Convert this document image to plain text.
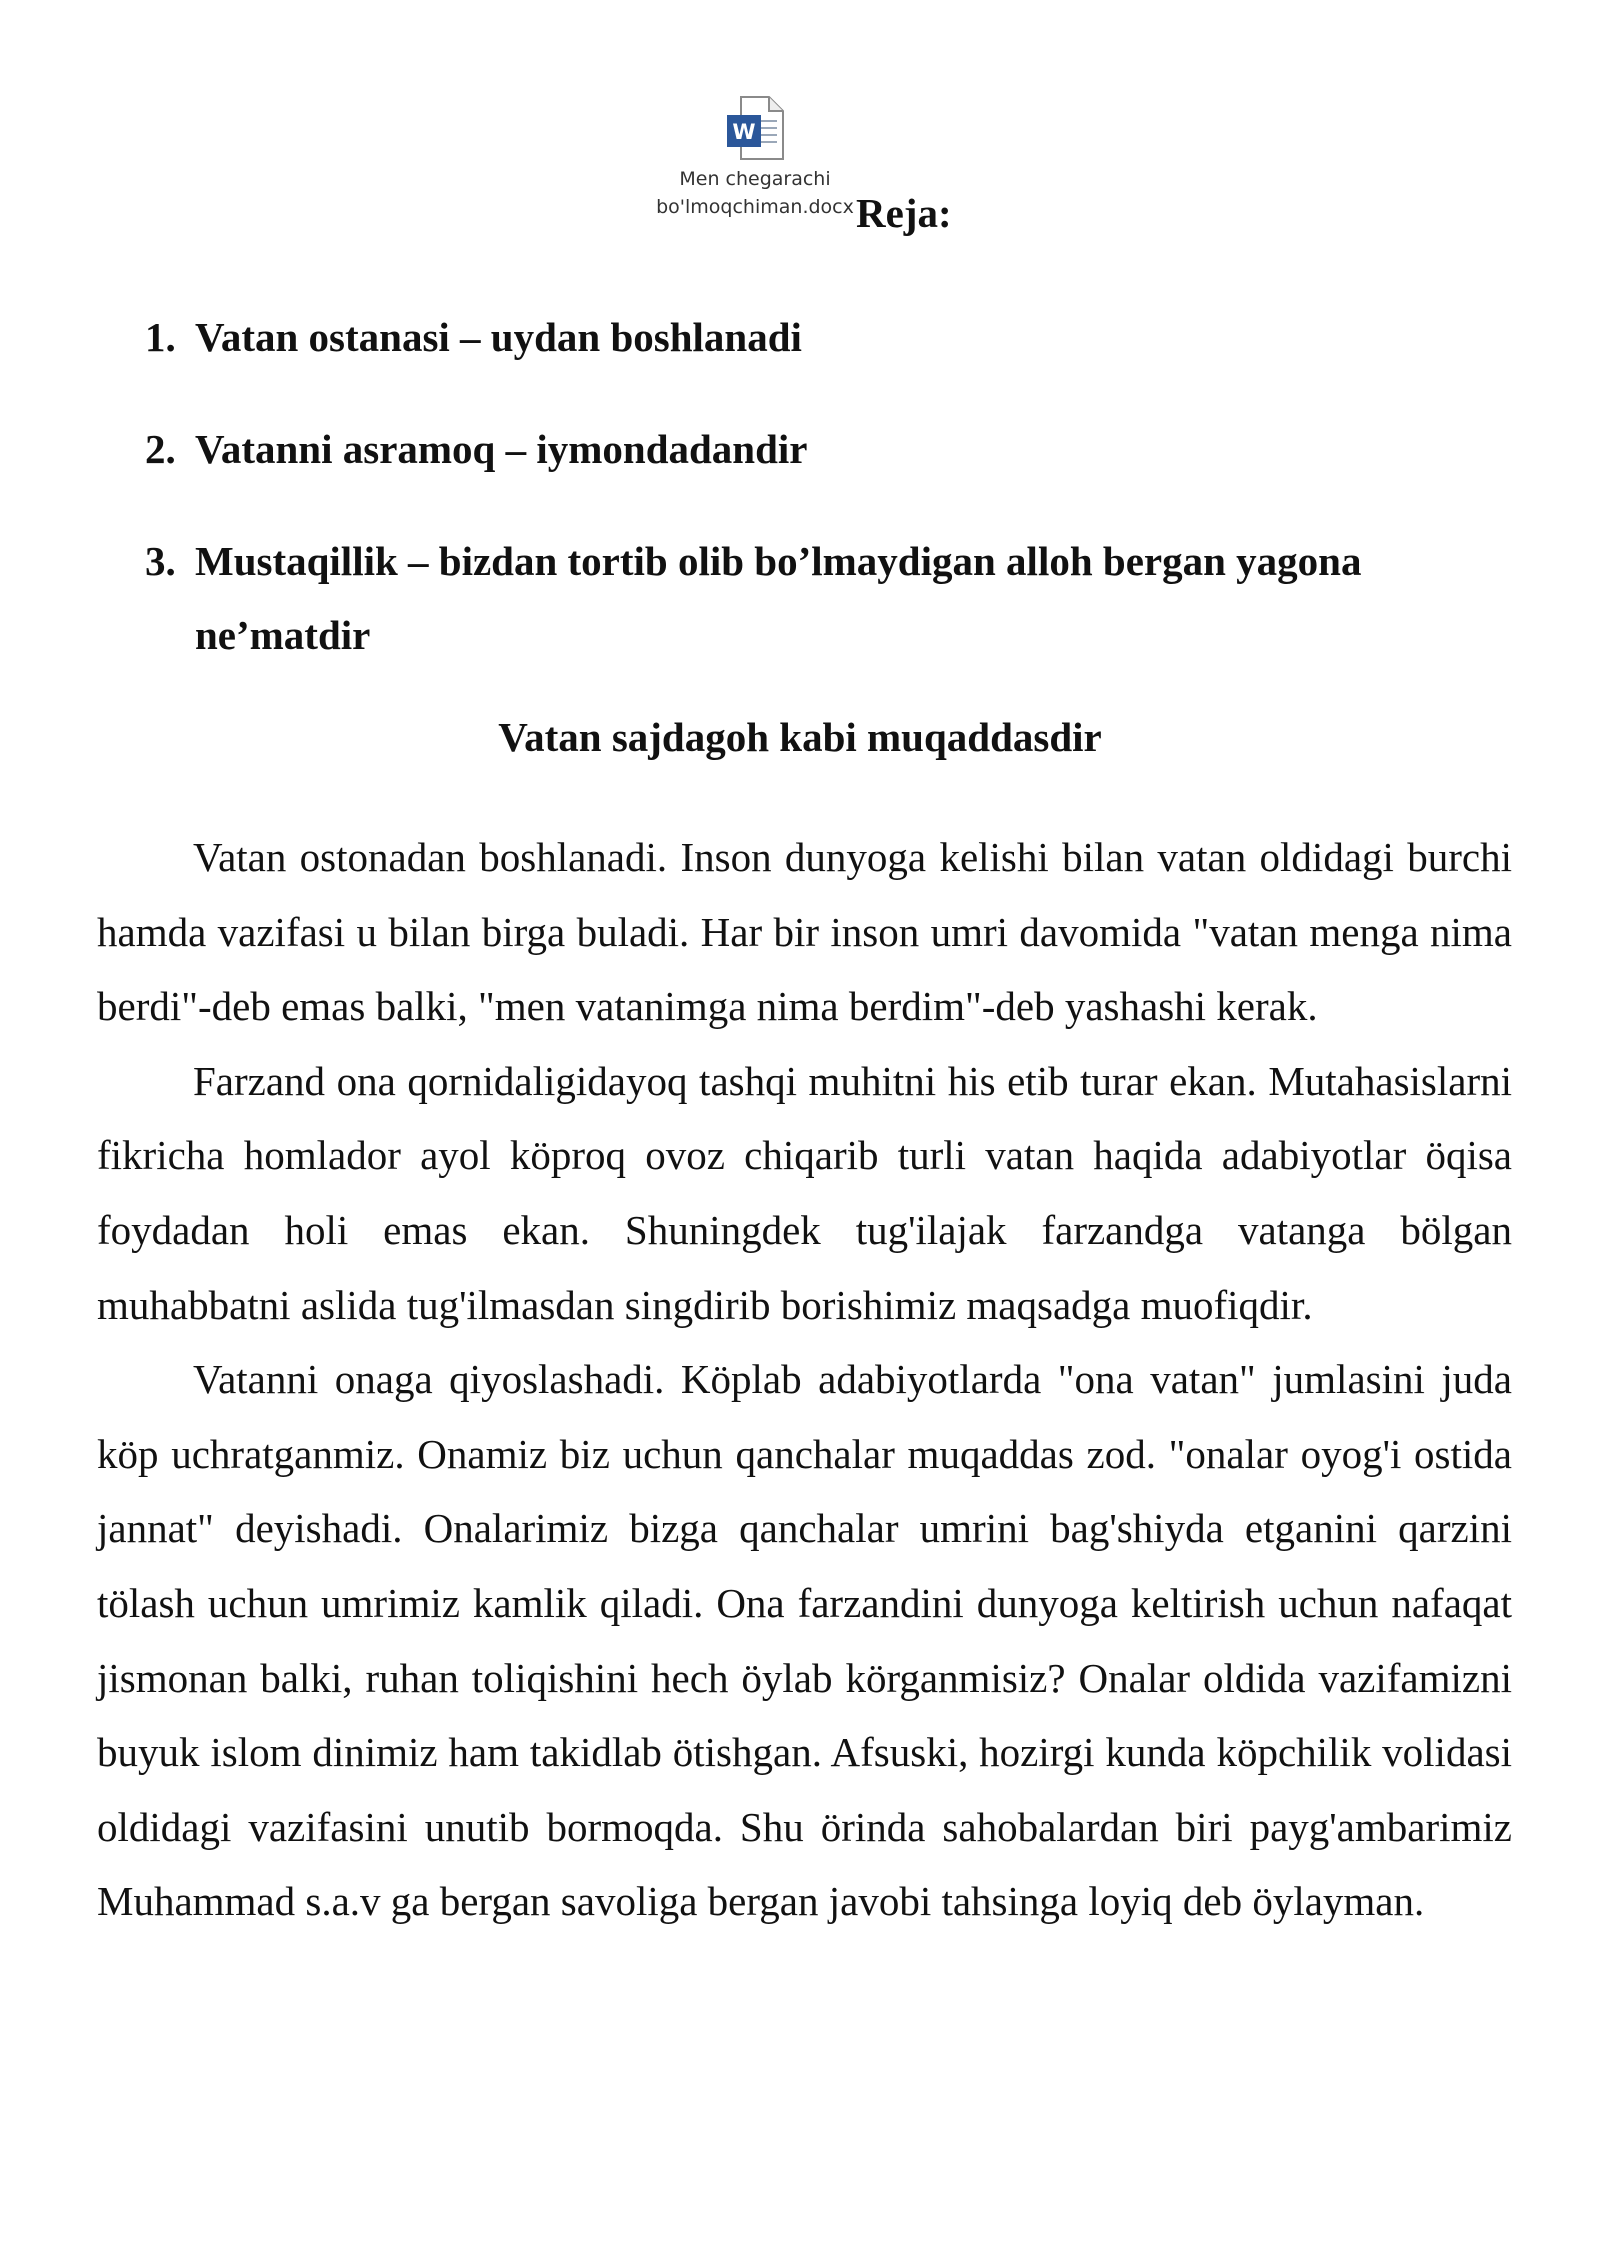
W
Men chegarachi
bo'lmoqchiman.docx Reja:
1. Vatan ostanasi – uydan boshlanadi
2. Vatanni asramoq – iymondadandir
3. Mustaqillik – bizdan tortib olib bo’lmaydigan alloh bergan yagona ne’matdir
Vatan sajdagoh kabi muqaddasdir

Vatan ostonadan boshlanadi. Inson dunyoga kelishi bilan vatan oldidagi burchi hamda vazifasi u bilan birga buladi. Har bir inson umri davomida "vatan menga nima berdi"-deb emas balki, "men vatanimga nima berdim"-deb yashashi kerak.

Farzand ona qornidaligidayoq tashqi muhitni his etib turar ekan. Mutahasislarni fikricha homlador ayol köproq ovoz chiqarib turli vatan haqida adabiyotlar öqisa foydadan holi emas ekan. Shuningdek tug'ilajak farzandga vatanga bölgan muhabbatni aslida tug'ilmasdan singdirib borishimiz maqsadga muofiqdir.

Vatanni onaga qiyoslashadi. Köplab adabiyotlarda "ona vatan" jumlasini juda köp uchratganmiz. Onamiz biz uchun qanchalar muqaddas zod. "onalar oyog'i ostida jannat" deyishadi. Onalarimiz bizga qanchalar umrini bag'shiyda etganini qarzini tölash uchun umrimiz kamlik qiladi. Ona farzandini dunyoga keltirish uchun nafaqat jismonan balki, ruhan toliqishini hech öylab körganmisiz? Onalar oldida vazifamizni buyuk islom dinimiz ham takidlab ötishgan. Afsuski, hozirgi kunda köpchilik volidasi oldidagi vazifasini unutib bormoqda. Shu örinda sahobalardan biri payg'ambarimiz Muhammad s.a.v ga bergan savoliga bergan javobi tahsinga loyiq deb öylayman.
